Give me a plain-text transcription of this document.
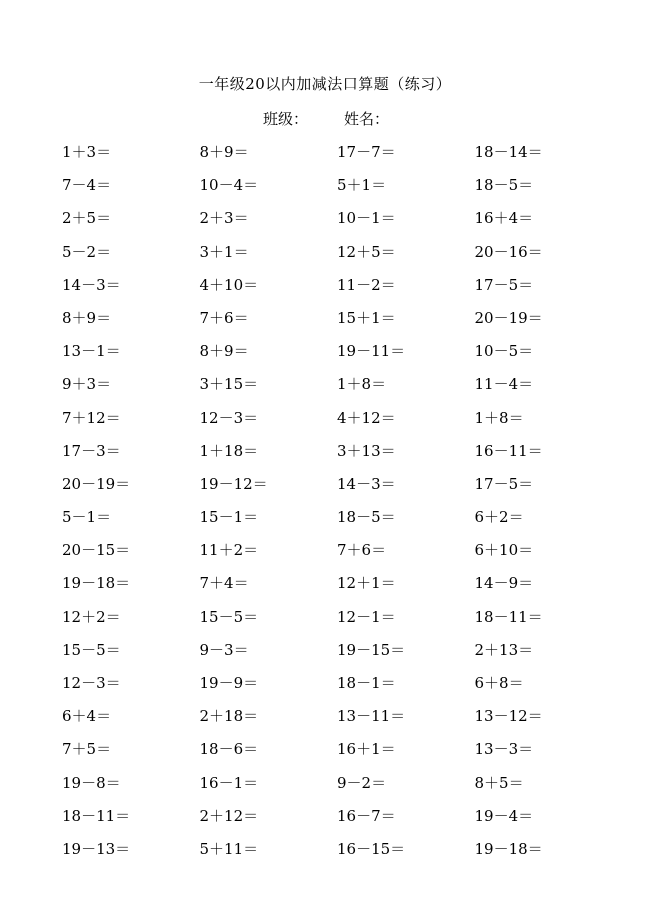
一年级20以内加减法口算题（练习）
班级： 姓名：
1＋3＝	8＋9＝	17－7＝	18－14＝
7－4＝	10－4＝	5＋1＝	18－5＝
2＋5＝	2＋3＝	10－1＝	16＋4＝
5－2＝	3＋1＝	12＋5＝	20－16＝
14－3＝	4＋10＝	11－2＝	17－5＝
8＋9＝	7＋6＝	15＋1＝	20－19＝
13－1＝	8＋9＝	19－11＝	10－5＝
9＋3＝	3＋15＝	1＋8＝	11－4＝
7＋12＝	12－3＝	4＋12＝	1＋8＝
17－3＝	1＋18＝	3＋13＝	16－11＝
20－19＝	19－12＝	14－3＝	17－5＝
5－1＝	15－1＝	18－5＝	6＋2＝
20－15＝	11＋2＝	7＋6＝	6＋10＝
19－18＝	7＋4＝	12＋1＝	14－9＝
12＋2＝	15－5＝	12－1＝	18－11＝
15－5＝	9－3＝	19－15＝	2＋13＝
12－3＝	19－9＝	18－1＝	6＋8＝
6＋4＝	2＋18＝	13－11＝	13－12＝
7＋5＝	18－6＝	16＋1＝	13－3＝
19－8＝	16－1＝	9－2＝	8＋5＝
18－11＝	2＋12＝	16－7＝	19－4＝
19－13＝	5＋11＝	16－15＝	19－18＝
